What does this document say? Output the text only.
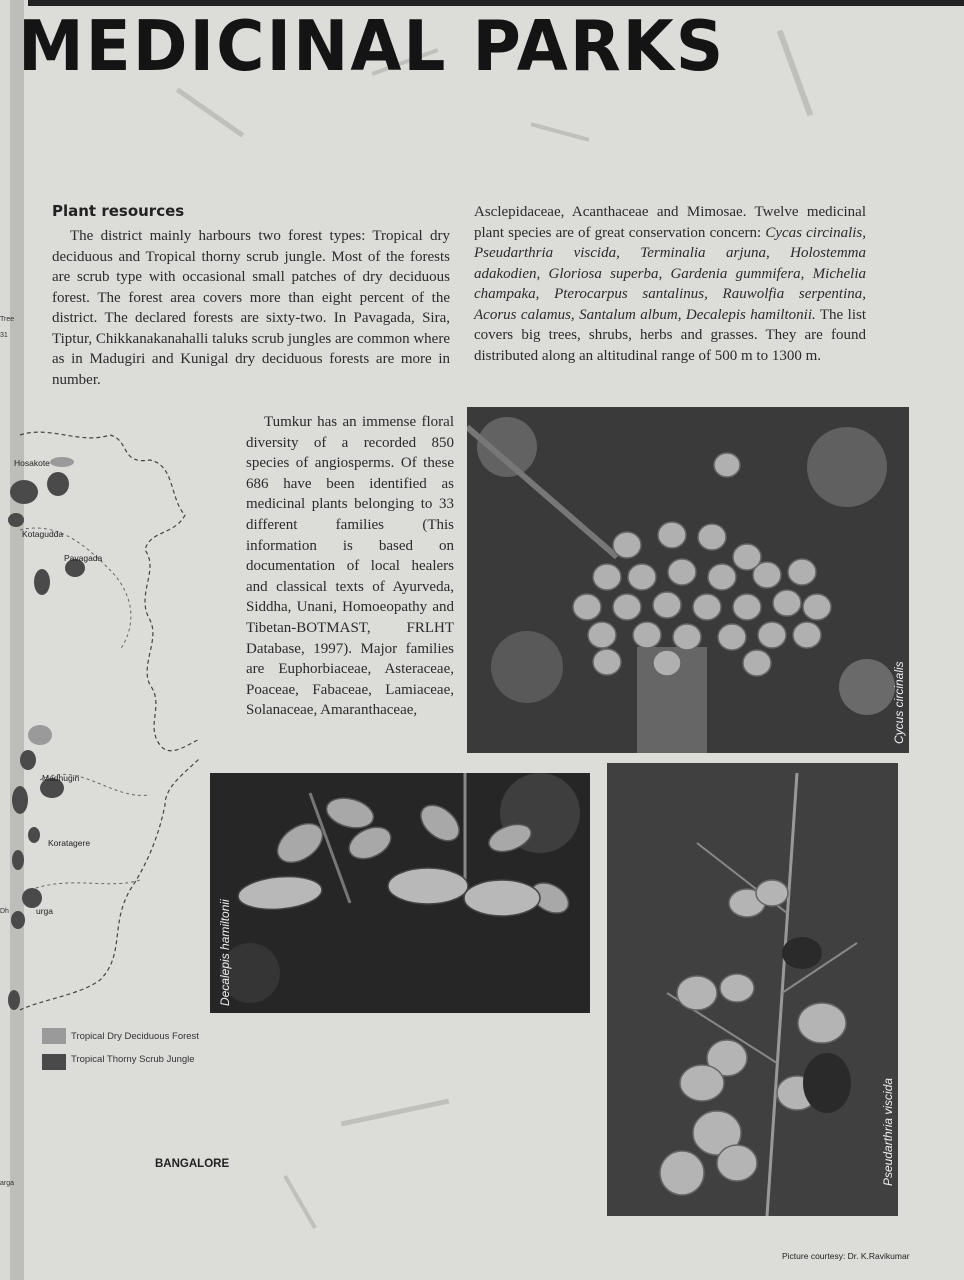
MEDICINAL PARKS
Plant resources

The district mainly harbours two forest types: Tropical dry deciduous and Tropical thorny scrub jungle. Most of the forests are scrub type with occasional small patches of dry deciduous forest. The forest area covers more than eight percent of the district. The declared forests are sixty-two. In Pavagada, Sira, Tiptur, Chikkanakanahalli taluks scrub jungles are common where as in Madugiri and Kunigal dry deciduous forests are more in number.

Asclepidaceae, Acanthaceae and Mimosae. Twelve medicinal plant species are of great conservation concern: Cycas circinalis, Pseudarthria viscida, Terminalia arjuna, Holostemma adakodien, Gloriosa superba, Gardenia gummifera, Michelia champaka, Pterocarpus santalinus, Rauwolfia serpentina, Acorus calamus, Santalum album, Decalepis hamiltonii. The list covers big trees, shrubs, herbs and grasses. They are found distributed along an altitudinal range of 500 m to 1300 m.

Tumkur has an immense floral diversity of a recorded 850 species of angiosperms. Of these 686 have been identified as medicinal plants belonging to 33 different families (This information is based on documentation of local healers and classical texts of Ayurveda, Siddha, Unani, Homoeopathy and Tibetan-BOTMAST, FRLHT Database, 1997). Major families are Euphorbiaceae, Asteraceae, Poaceae, Fabaceae, Lamiaceae, Solanaceae, Amaranthaceae,

Hosakote
Kotagudda
Pavagada
Madhugiri
Koratagere
urga
Tropical Dry Deciduous Forest
Tropical Thorny Scrub Jungle
BANGALORE
Tree
31
Dh
arga
Cycus circinalis
Decalepis hamiltonii
Pseudarthria viscida
Picture courtesy: Dr. K.Ravikumar
